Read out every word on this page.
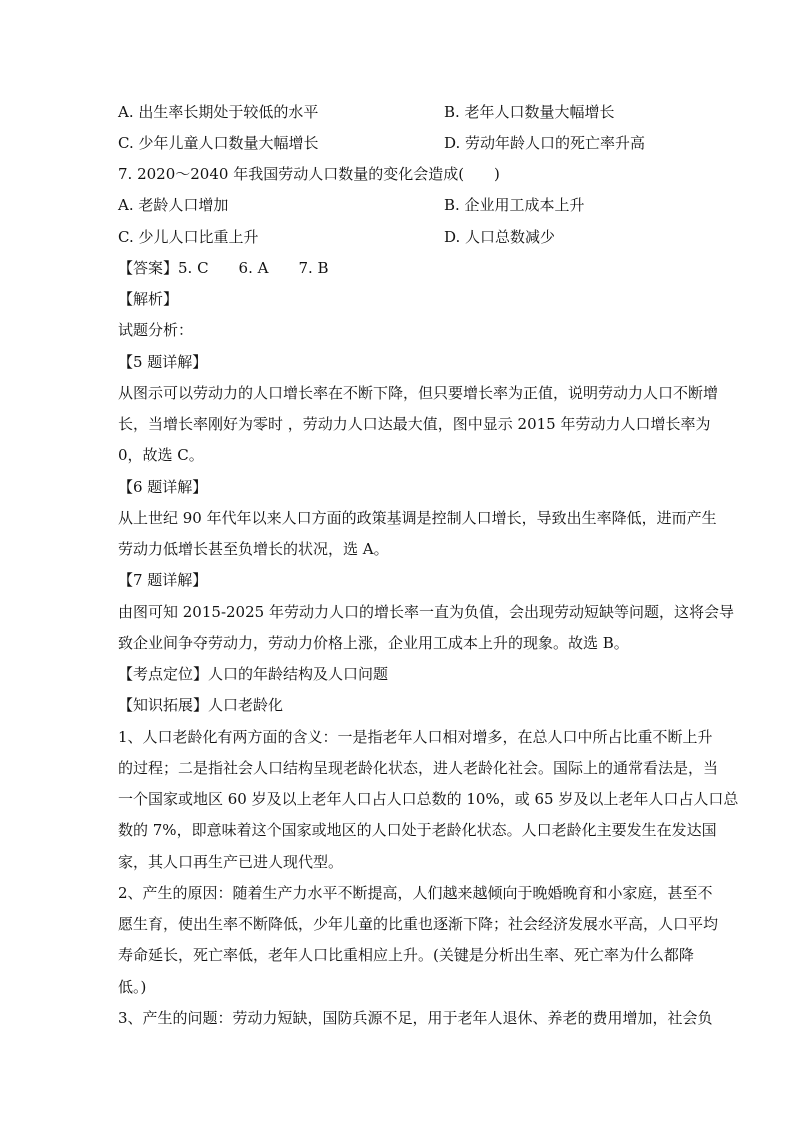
A. 出生率长期处于较低的水平	B. 老年人口数量大幅增长
C. 少年儿童人口数量大幅增长	D. 劳动年龄人口的死亡率升高
7. 2020～2040 年我国劳动人口数量的变化会造成(　　)
A. 老龄人口增加	B. 企业用工成本上升
C. 少儿人口比重上升	D. 人口总数减少
【答案】5. C　　6. A　　7. B
【解析】
试题分析：
【5 题详解】
从图示可以劳动力的人口增长率在不断下降，但只要增长率为正值，说明劳动力人口不断增
长，当增长率刚好为零时 ，劳动力人口达最大值，图中显示 2015 年劳动力人口增长率为
0，故选 C。
【6 题详解】
从上世纪 90 年代年以来人口方面的政策基调是控制人口增长，导致出生率降低，进而产生
劳动力低增长甚至负增长的状况，选 A。
【7 题详解】
由图可知 2015-2025 年劳动力人口的增长率一直为负值，会出现劳动短缺等问题，这将会导
致企业间争夺劳动力，劳动力价格上涨，企业用工成本上升的现象。故选 B。
【考点定位】人口的年龄结构及人口问题
【知识拓展】人口老龄化
1、人口老龄化有两方面的含义：一是指老年人口相对增多，在总人口中所占比重不断上升
的过程；二是指社会人口结构呈现老龄化状态，进人老龄化社会。国际上的通常看法是，当
一个国家或地区 60 岁及以上老年人口占人口总数的 10%，或 65 岁及以上老年人口占人口总
数的 7%，即意味着这个国家或地区的人口处于老龄化状态。人口老龄化主要发生在发达国
家，其人口再生产已进人现代型。
2、产生的原因：随着生产力水平不断提高，人们越来越倾向于晚婚晚育和小家庭，甚至不
愿生育，使出生率不断降低，少年儿童的比重也逐渐下降；社会经济发展水平高，人口平均
寿命延长，死亡率低，老年人口比重相应上升。(关键是分析出生率、死亡率为什么都降
低。)
3、产生的问题：劳动力短缺，国防兵源不足，用于老年人退休、养老的费用增加，社会负
